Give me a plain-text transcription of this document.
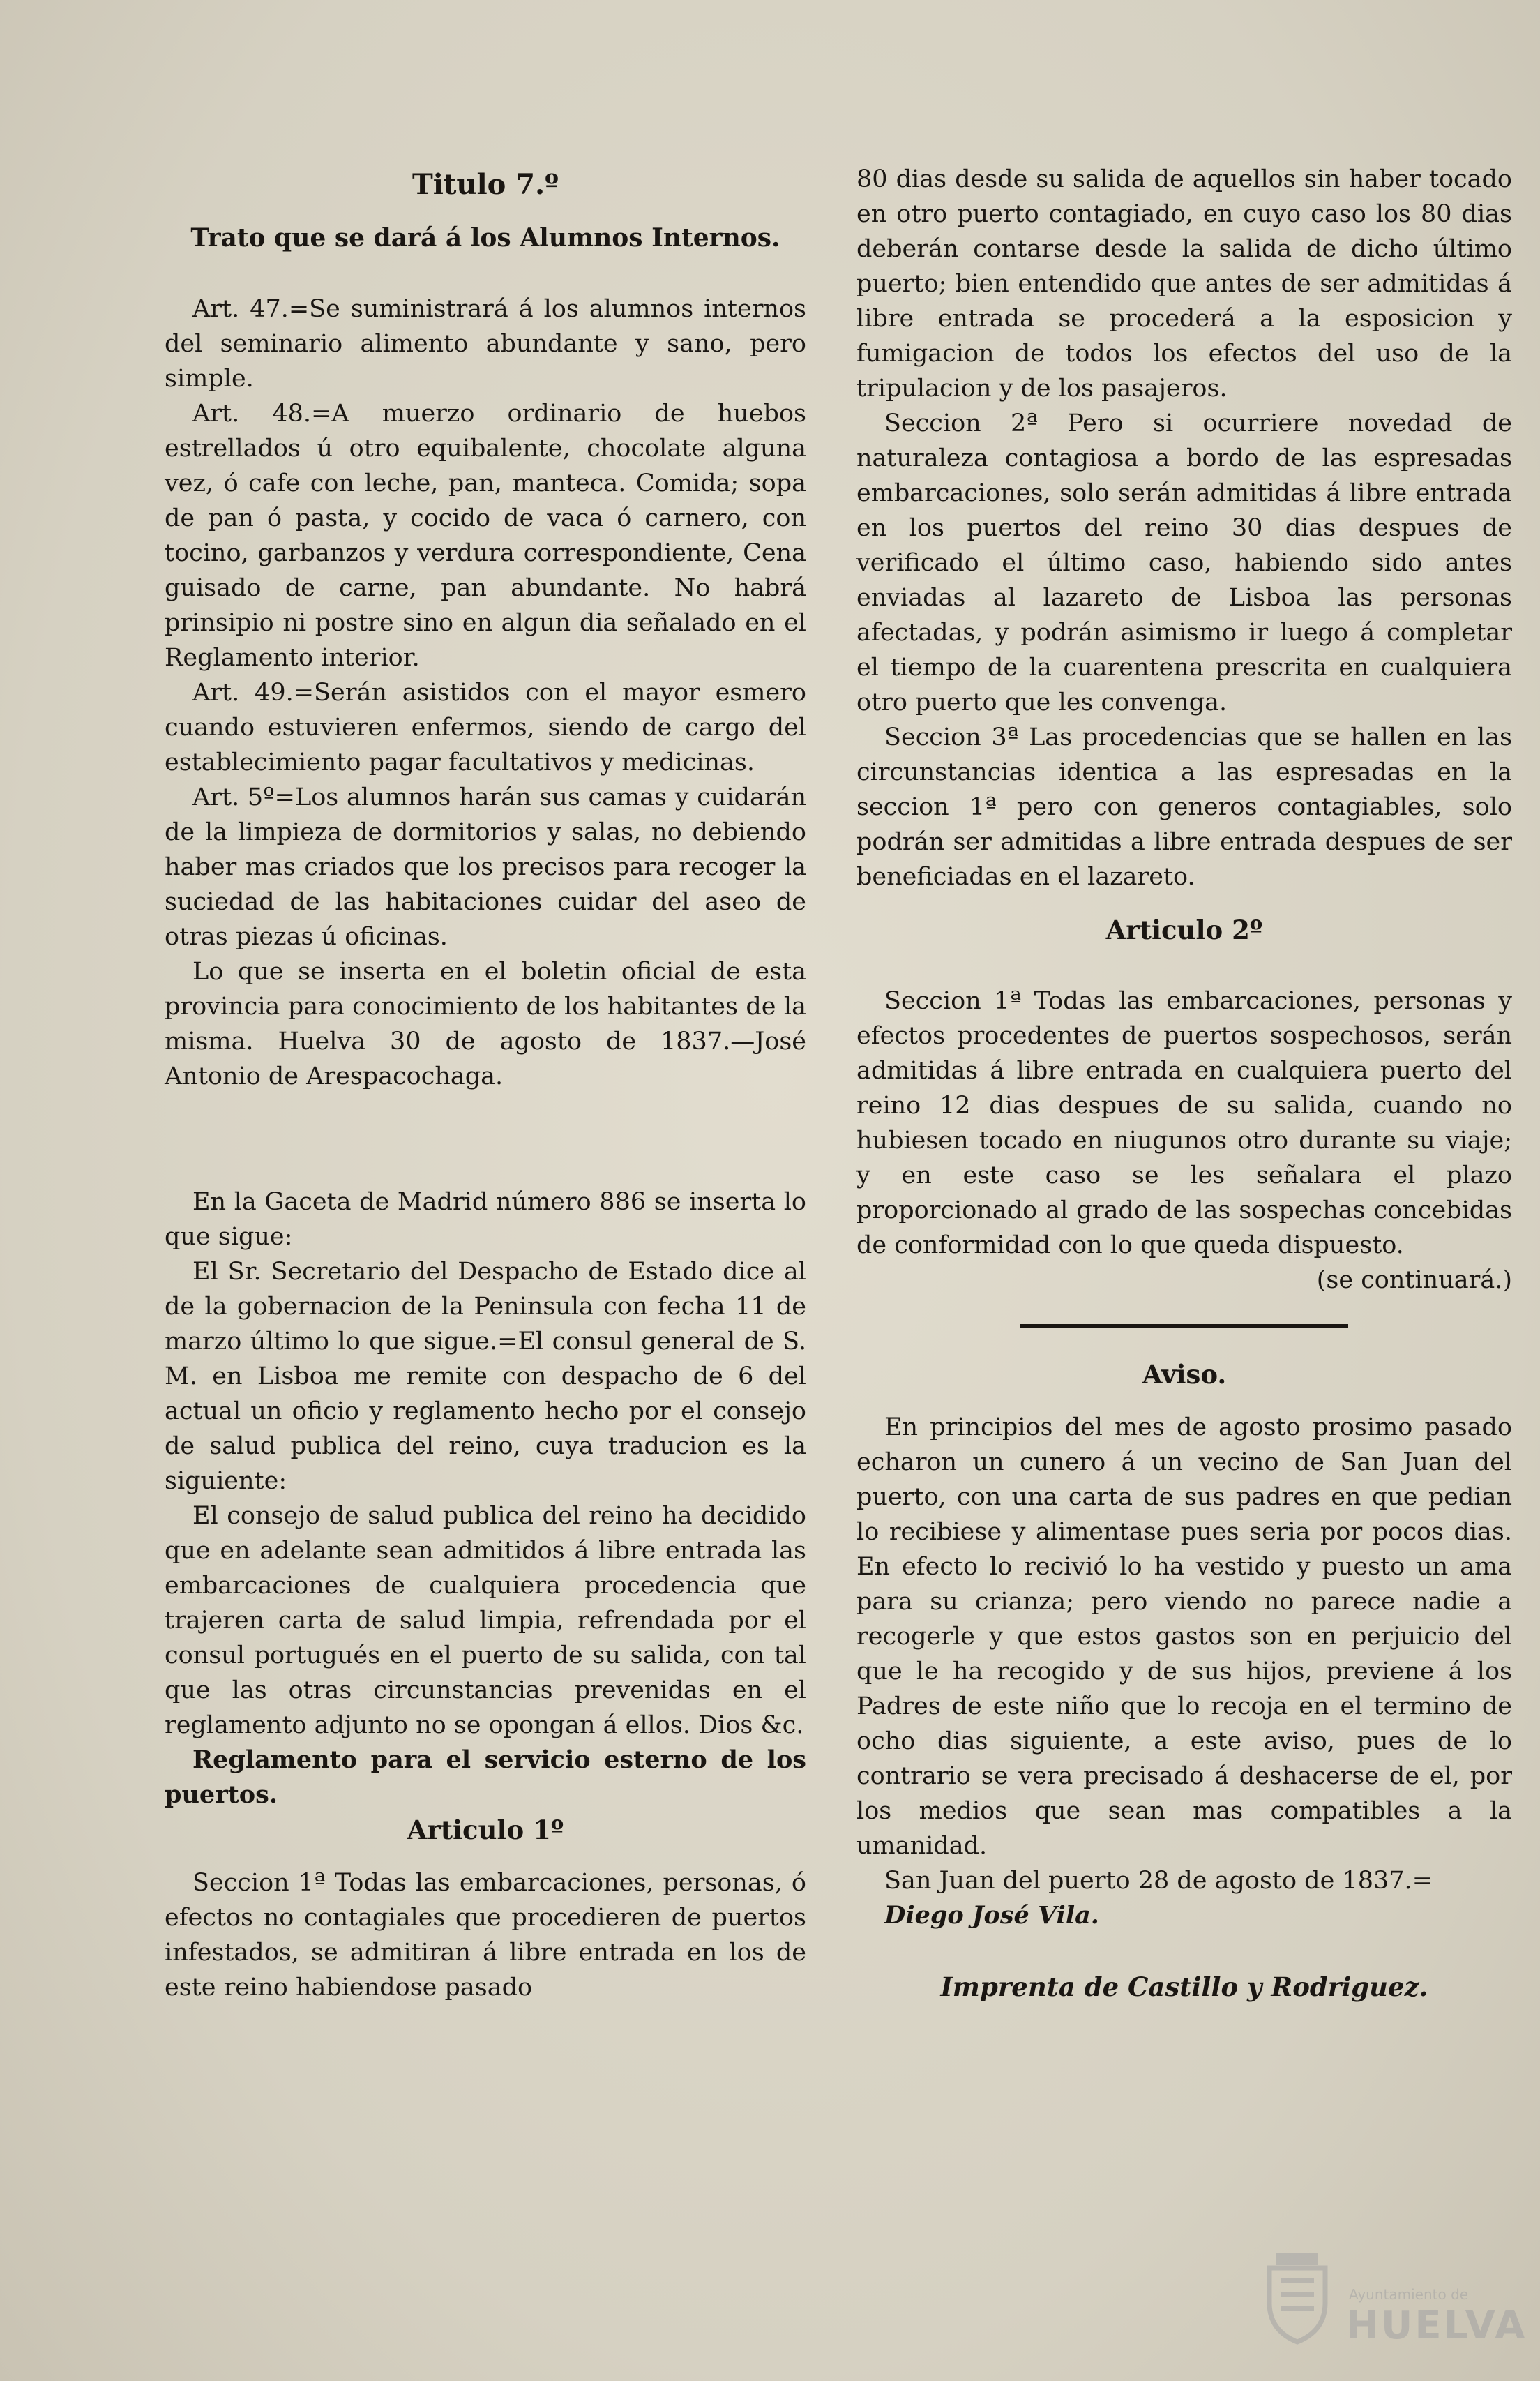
Titulo 7.º

Trato que se dará á los Alumnos Internos.

Art. 47.=Se suministrará á los alumnos internos del seminario alimento abundante y sano, pero simple.

Art. 48.=A muerzo ordinario de huebos estrellados ú otro equibalente, chocolate alguna vez, ó cafe con leche, pan, manteca. Comida; sopa de pan ó pasta, y cocido de vaca ó carnero, con tocino, garbanzos y verdura correspondiente, Cena guisado de carne, pan abundante. No habrá prinsipio ni postre sino en algun dia señalado en el Reglamento interior.

Art. 49.=Serán asistidos con el mayor esmero cuando estuvieren enfermos, siendo de cargo del establecimiento pagar facultativos y medicinas.

Art. 5º=Los alumnos harán sus camas y cuidarán de la limpieza de dormitorios y salas, no debiendo haber mas criados que los precisos para recoger la suciedad de las habitaciones cuidar del aseo de otras piezas ú oficinas.

Lo que se inserta en el boletin oficial de esta provincia para conocimiento de los habitantes de la misma. Huelva 30 de agosto de 1837.—José Antonio de Arespacochaga.

En la Gaceta de Madrid número 886 se inserta lo que sigue:

El Sr. Secretario del Despacho de Estado dice al de la gobernacion de la Peninsula con fecha 11 de marzo último lo que sigue.=El consul general de S. M. en Lisboa me remite con despacho de 6 del actual un oficio y reglamento hecho por el consejo de salud publica del reino, cuya traducion es la siguiente:

El consejo de salud publica del reino ha decidido que en adelante sean admitidos á libre entrada las embarcaciones de cualquiera procedencia que trajeren carta de salud limpia, refrendada por el consul portugués en el puerto de su salida, con tal que las otras circunstancias prevenidas en el reglamento adjunto no se opongan á ellos. Dios &c.

Reglamento para el servicio esterno de los puertos.

Articulo 1º

Seccion 1ª Todas las embarcaciones, personas, ó efectos no contagiales que procedieren de puertos infestados, se admitiran á libre entrada en los de este reino habiendose pasado

80 dias desde su salida de aquellos sin haber tocado en otro puerto contagiado, en cuyo caso los 80 dias deberán contarse desde la salida de dicho último puerto; bien entendido que antes de ser admitidas á libre entrada se procederá a la esposicion y fumigacion de todos los efectos del uso de la tripulacion y de los pasajeros.

Seccion 2ª Pero si ocurriere novedad de naturaleza contagiosa a bordo de las espresadas embarcaciones, solo serán admitidas á libre entrada en los puertos del reino 30 dias despues de verificado el último caso, habiendo sido antes enviadas al lazareto de Lisboa las personas afectadas, y podrán asimismo ir luego á completar el tiempo de la cuarentena prescrita en cualquiera otro puerto que les convenga.

Seccion 3ª Las procedencias que se hallen en las circunstancias identica a las espresadas en la seccion 1ª pero con generos contagiables, solo podrán ser admitidas a libre entrada despues de ser beneficiadas en el lazareto.

Articulo 2º

Seccion 1ª Todas las embarcaciones, personas y efectos procedentes de puertos sospechosos, serán admitidas á libre entrada en cualquiera puerto del reino 12 dias despues de su salida, cuando no hubiesen tocado en niugunos otro durante su viaje; y en este caso se les señalara el plazo proporcionado al grado de las sospechas concebidas de conformidad con lo que queda dispuesto.

(se continuará.)

Aviso.

En principios del mes de agosto prosimo pasado echaron un cunero á un vecino de San Juan del puerto, con una carta de sus padres en que pedian lo recibiese y alimentase pues seria por pocos dias. En efecto lo recivió lo ha vestido y puesto un ama para su crianza; pero viendo no parece nadie a recogerle y que estos gastos son en perjuicio del que le ha recogido y de sus hijos, previene á los Padres de este niño que lo recoja en el termino de ocho dias siguiente, a este aviso, pues de lo contrario se vera precisado á deshacerse de el, por los medios que sean mas compatibles a la umanidad.

San Juan del puerto 28 de agosto de 1837.=

Diego José Vila.

Imprenta de Castillo y Rodriguez.

Ayuntamiento de
HUELVA
